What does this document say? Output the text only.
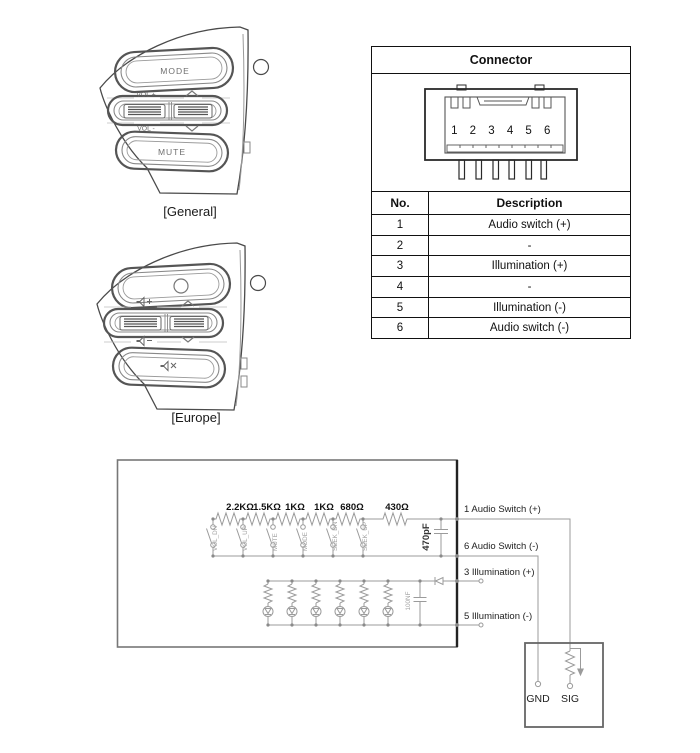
MODE
VOL +
VOL -
MUTE
[General]
[Europe]
Connector
1 2 3 4 5 6
No.	Description
1	Audio switch (+)
2	-
3	Illumination (+)
4	-
5	Illumination (-)
6	Audio switch (-)
2.2KΩ 1.5KΩ 1KΩ 1KΩ 680Ω 430Ω
VOL_DN	VOL_UP	MUTE	MODE	SEEK_DN	SEEK_UP	470pF
100NF
1 Audio Switch (+)
6 Audio Switch (-)
3 Illumination (+)
5 Illumination (-)
GND SIG
